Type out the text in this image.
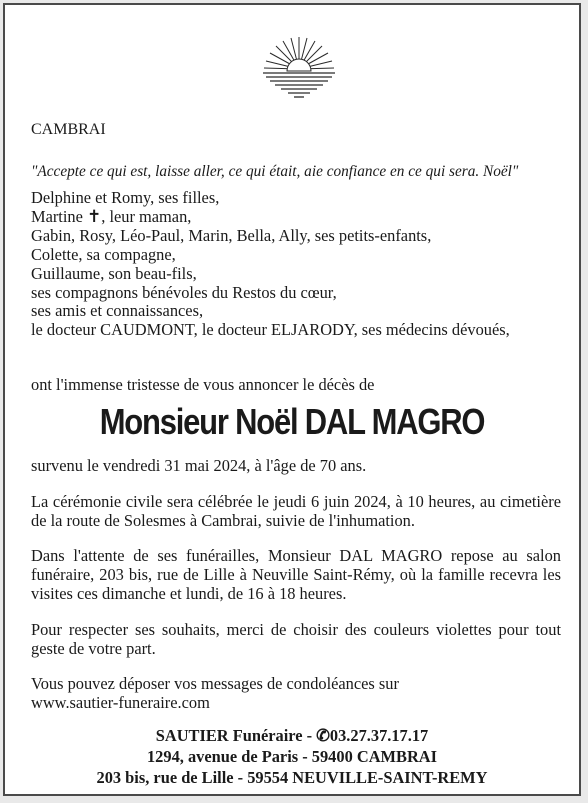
CAMBRAI
"Accepte ce qui est, laisse aller, ce qui était, aie confiance en ce qui sera. Noël"
Delphine et Romy, ses filles,
Martine ✝, leur maman,
Gabin, Rosy, Léo-Paul, Marin, Bella, Ally, ses petits-enfants,
Colette, sa compagne,
Guillaume, son beau-fils,
ses compagnons bénévoles du Restos du cœur,
ses amis et connaissances,
le docteur CAUDMONT, le docteur ELJARODY, ses médecins dévoués,
ont l'immense tristesse de vous annoncer le décès de
Monsieur Noël DAL MAGRO
survenu le vendredi 31 mai 2024, à l'âge de 70 ans.
La cérémonie civile sera célébrée le jeudi 6 juin 2024, à 10 heures, au cimetière de la route de Solesmes à Cambrai, suivie de l'inhumation.
Dans l'attente de ses funérailles, Monsieur DAL MAGRO repose au salon funéraire, 203 bis, rue de Lille à Neuville Saint-Rémy, où la famille recevra les visites ces dimanche et lundi, de 16 à 18 heures.
Pour respecter ses souhaits, merci de choisir des couleurs violettes pour tout geste de votre part.
Vous pouvez déposer vos messages de condoléances sur
www.sautier-funeraire.com
SAUTIER Funéraire - ✆03.27.37.17.17
1294, avenue de Paris - 59400 CAMBRAI
203 bis, rue de Lille - 59554 NEUVILLE-SAINT-REMY
